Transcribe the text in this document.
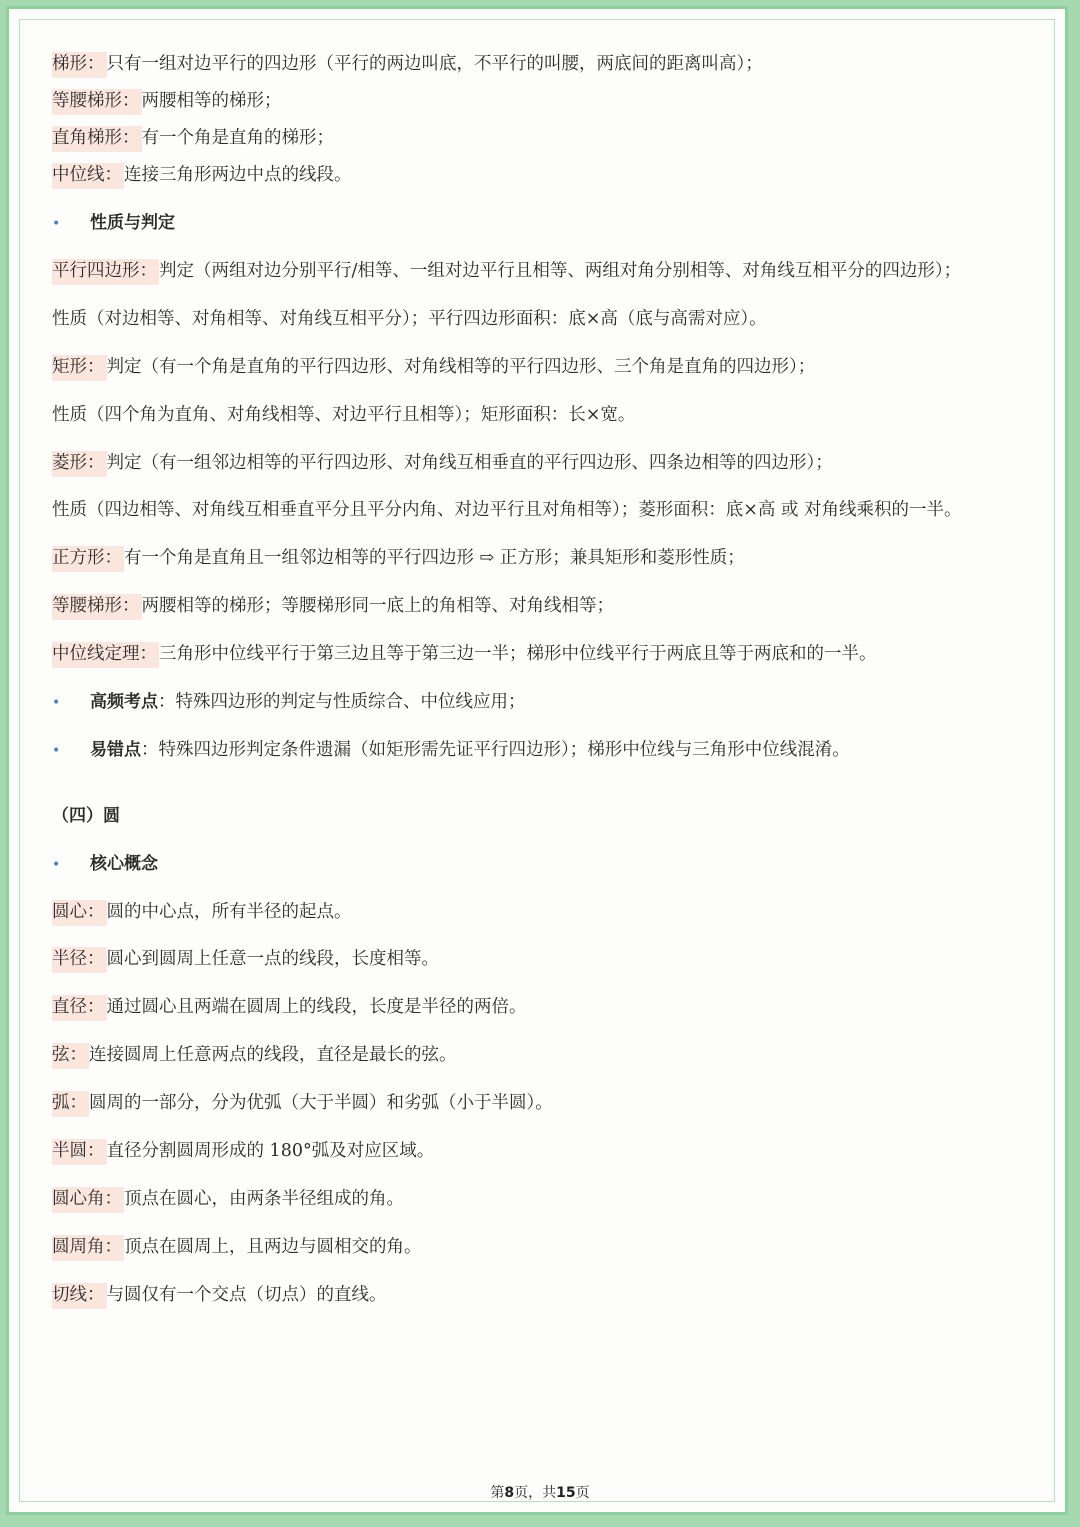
梯形： 只有一组对边平行的四边形（平行的两边叫底，不平行的叫腰，两底间的距离叫高）；
等腰梯形： 两腰相等的梯形；
直角梯形： 有一个角是直角的梯形；
中位线： 连接三角形两边中点的线段。
• 性质与判定
平行四边形： 判定（两组对边分别平行/相等、一组对边平行且相等、两组对角分别相等、对角线互相平分的四边形）；
性质（对边相等、对角相等、对角线互相平分）；平行四边形面积：底×高（底与高需对应）。
矩形： 判定（有一个角是直角的平行四边形、对角线相等的平行四边形、三个角是直角的四边形）；
性质（四个角为直角、对角线相等、对边平行且相等）；矩形面积：长×宽。
菱形： 判定（有一组邻边相等的平行四边形、对角线互相垂直的平行四边形、四条边相等的四边形）；
性质（四边相等、对角线互相垂直平分且平分内角、对边平行且对角相等）；菱形面积：底×高 或 对角线乘积的一半。
正方形： 有一个角是直角且一组邻边相等的平行四边形 ⇨ 正方形；兼具矩形和菱形性质；
等腰梯形： 两腰相等的梯形；等腰梯形同一底上的角相等、对角线相等；
中位线定理： 三角形中位线平行于第三边且等于第三边一半；梯形中位线平行于两底且等于两底和的一半。
• 高频考点：特殊四边形的判定与性质综合、中位线应用；
• 易错点：特殊四边形判定条件遗漏（如矩形需先证平行四边形）；梯形中位线与三角形中位线混淆。
（四）圆
• 核心概念
圆心： 圆的中心点，所有半径的起点。
半径： 圆心到圆周上任意一点的线段，长度相等。
直径： 通过圆心且两端在圆周上的线段，长度是半径的两倍。
弦： 连接圆周上任意两点的线段，直径是最长的弦。
弧： 圆周的一部分，分为优弧（大于半圆）和劣弧（小于半圆）。
半圆： 直径分割圆周形成的 180°弧及对应区域。
圆心角： 顶点在圆心，由两条半径组成的角。
圆周角： 顶点在圆周上，且两边与圆相交的角。
切线： 与圆仅有一个交点（切点）的直线。
第8页，共15页
